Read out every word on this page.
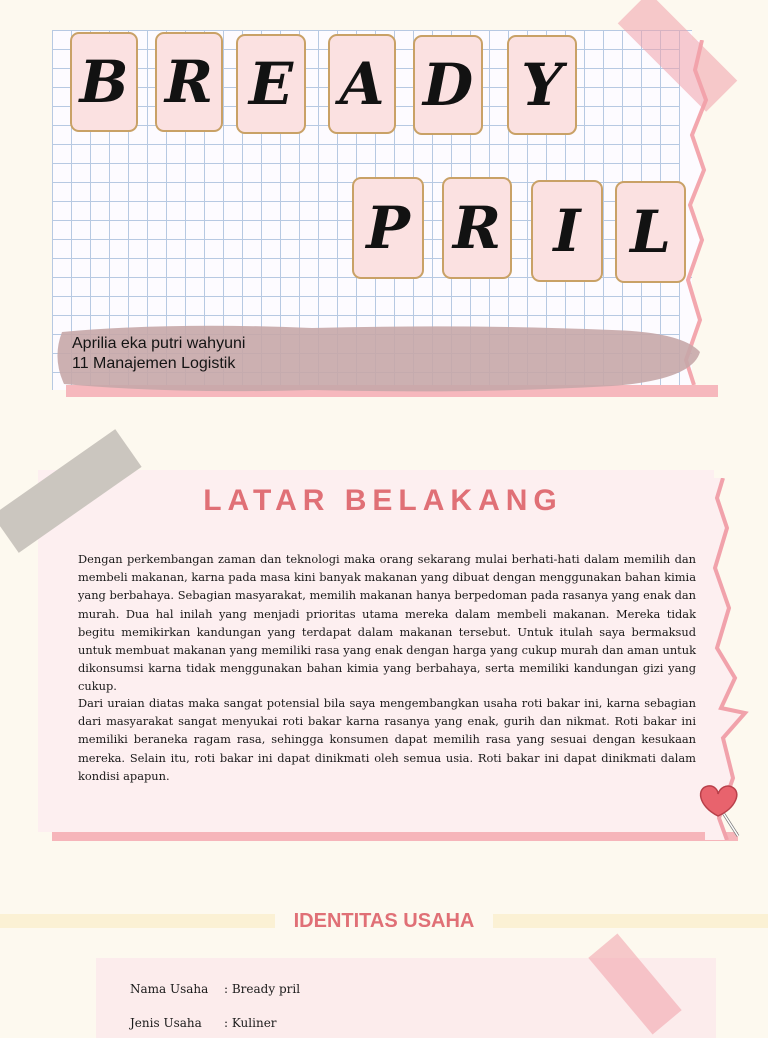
B R E A D Y
P R I L
Aprilia eka putri wahyuni
11 Manajemen Logistik
LATAR BELAKANG

Dengan perkembangan zaman dan teknologi maka orang sekarang mulai berhati-hati dalam memilih dan membeli makanan, karna pada masa kini banyak makanan yang dibuat dengan menggunakan bahan kimia yang berbahaya. Sebagian masyarakat, memilih makanan hanya berpedoman pada rasanya yang enak dan murah. Dua hal inilah yang menjadi prioritas utama mereka dalam membeli makanan. Mereka tidak begitu memikirkan kandungan yang terdapat dalam makanan tersebut. Untuk itulah saya bermaksud untuk membuat makanan yang memiliki rasa yang enak dengan harga yang cukup murah dan aman untuk dikonsumsi karna tidak menggunakan bahan kimia yang berbahaya, serta memiliki kandungan gizi yang cukup.

Dari uraian diatas maka sangat potensial bila saya mengembangkan usaha roti bakar ini, karna sebagian dari masyarakat sangat menyukai roti bakar karna rasanya yang enak, gurih dan nikmat. Roti bakar ini memiliki beraneka ragam rasa, sehingga konsumen dapat memilih rasa yang sesuai dengan kesukaan mereka. Selain itu, roti bakar ini dapat dinikmati oleh semua usia. Roti bakar ini dapat dinikmati dalam kondisi apapun.

IDENTITAS USAHA
Nama Usaha : Bready pril
Jenis Usaha : Kuliner
